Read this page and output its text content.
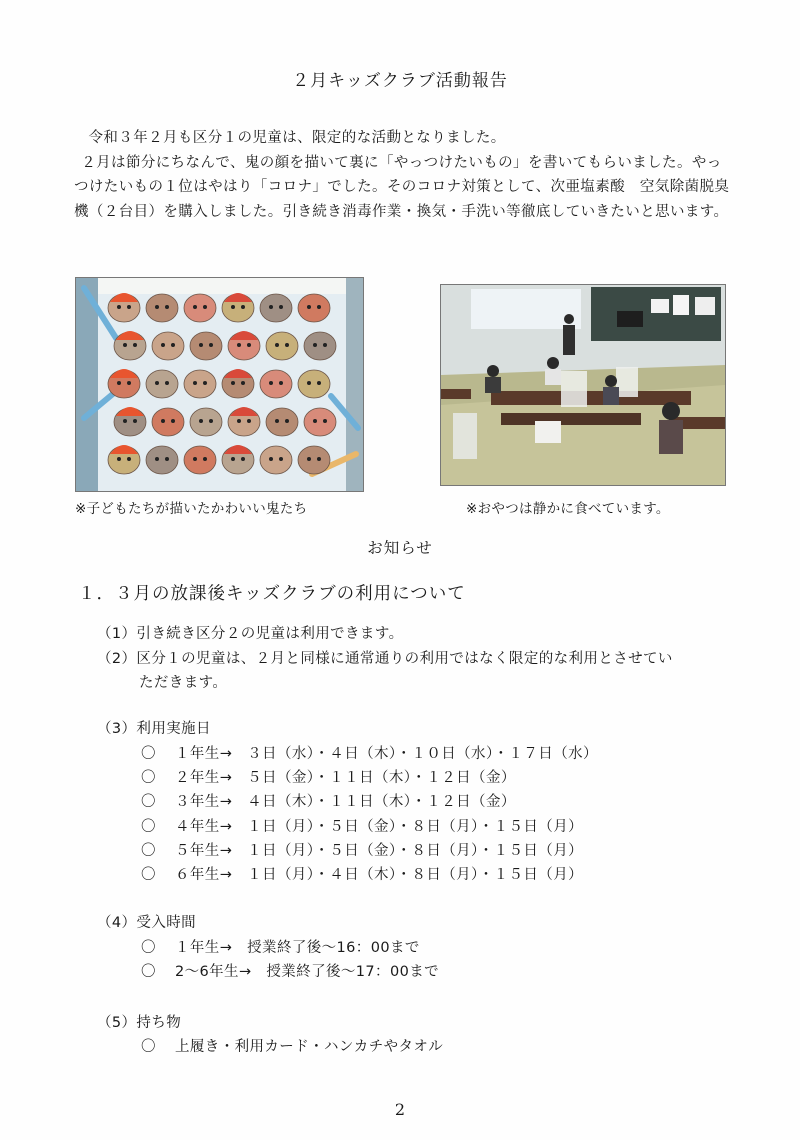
２月キッズクラブ活動報告

令和３年２月も区分１の児童は、限定的な活動となりました。

２月は節分にちなんで、鬼の顔を描いて裏に「やっつけたいもの」を書いてもらいました。やっつけたいもの１位はやはり「コロナ」でした。そのコロナ対策として、次亜塩素酸　空気除菌脱臭機（２台目）を購入しました。引き続き消毒作業・換気・手洗い等徹底していきたいと思います。

※子どもたちが描いたかわいい鬼たち	※おやつは静かに食べています。
お知らせ
１．３月の放課後キッズクラブの利用について
（1）引き続き区分２の児童は利用できます。
（2）区分１の児童は、２月と同様に通常通りの利用ではなく限定的な利用とさせてい
ただきます。
（3）利用実施日
〇 １年生→　３日（水）・４日（木）・１０日（水）・１７日（水）
〇 ２年生→　５日（金）・１１日（木）・１２日（金）
〇 ３年生→　４日（木）・１１日（木）・１２日（金）
〇 ４年生→　１日（月）・５日（金）・８日（月）・１５日（月）
〇 ５年生→　１日（月）・５日（金）・８日（月）・１５日（月）
〇 ６年生→　１日（月）・４日（木）・８日（月）・１５日（月）
（4）受入時間
〇 １年生→　授業終了後～16：00まで
〇 2～6年生→　授業終了後～17：00まで
（5）持ち物
〇 上履き・利用カード・ハンカチやタオル
2
